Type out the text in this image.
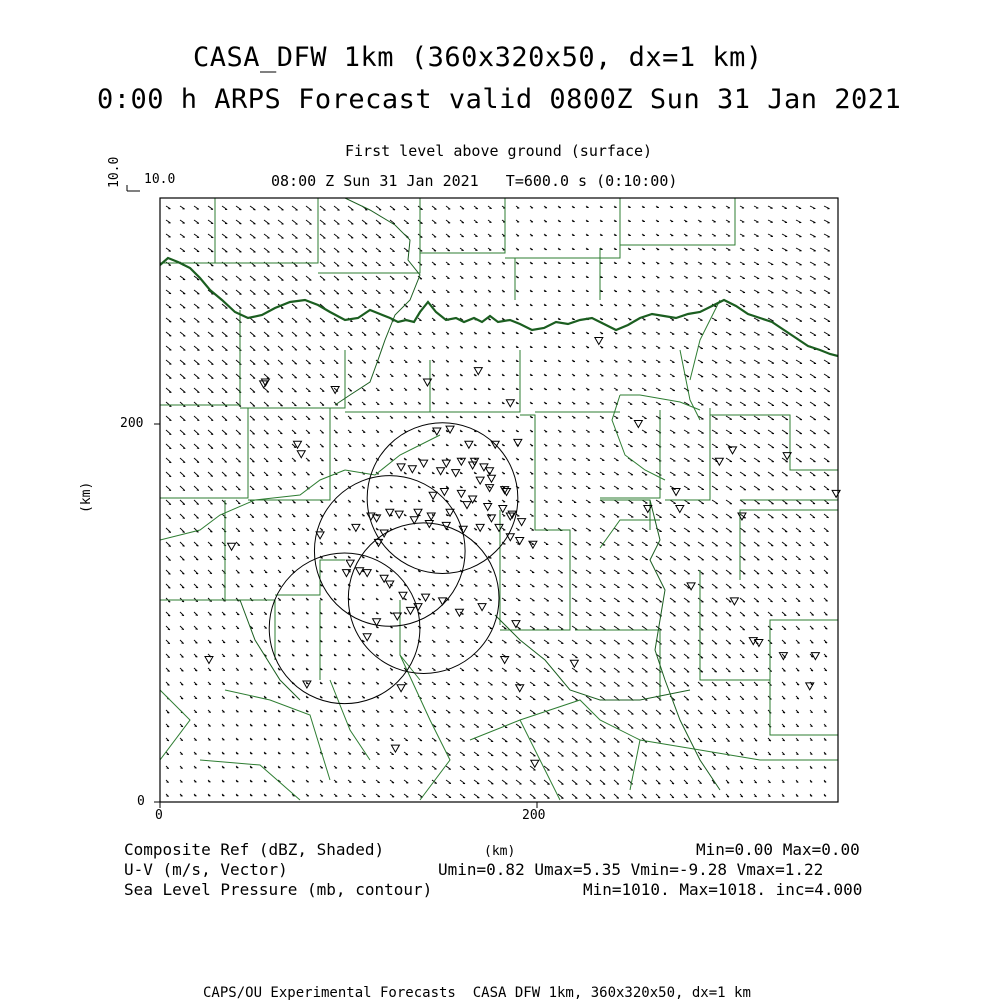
CASA_DFW 1km (360x320x50, dx=1 km)
0:00 h ARPS Forecast valid 0800Z Sun 31 Jan 2021
First level above ground (surface)
08:00 Z Sun 31 Jan 2021   T=600.0 s (0:10:00)
10.0 10.0
(km)
0
200
0	200
(km)
Composite Ref (dBZ, Shaded)	Min=0.00 Max=0.00
U-V (m/s, Vector)	Umin=0.82 Umax=5.35 Vmin=-9.28 Vmax=1.22
Sea Level Pressure (mb, contour)	Min=1010. Max=1018. inc=4.000
CAPS/OU Experimental Forecasts  CASA DFW 1km, 360x320x50, dx=1 km
